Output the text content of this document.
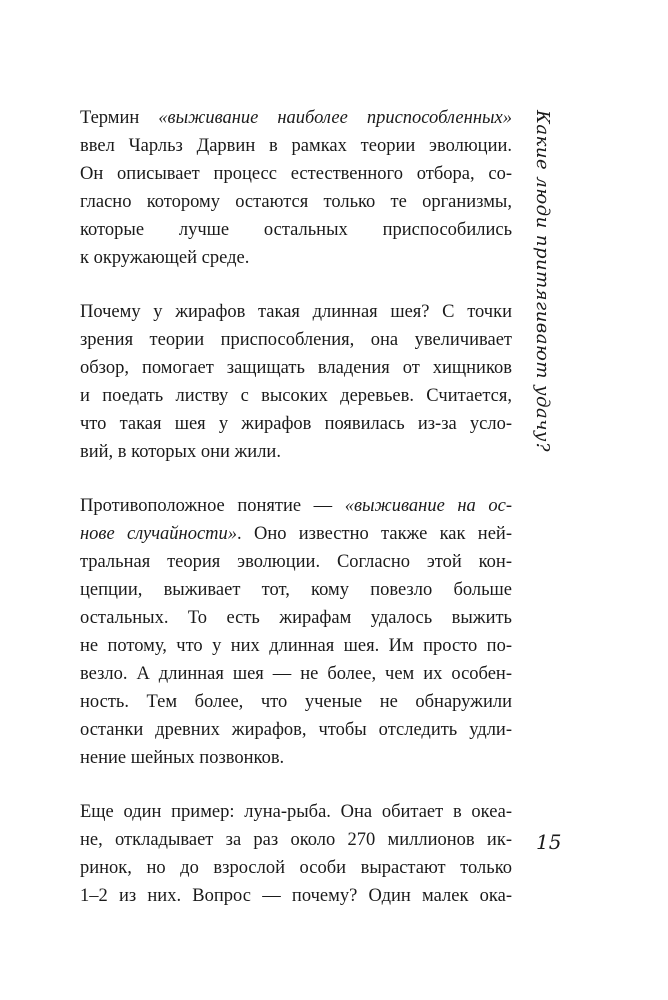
Термин «выживание наиболее приспособленных»
ввел Чарльз Дарвин в рамках теории эволюции.
Он описывает процесс естественного отбора, со-
гласно которому остаются только те организмы,
которые лучше остальных приспособились
к окружающей среде.

Почему у жирафов такая длинная шея? С точки
зрения теории приспособления, она увеличивает
обзор, помогает защищать владения от хищников
и поедать листву с высоких деревьев. Считается,
что такая шея у жирафов появилась из-за усло-
вий, в которых они жили.

Противоположное понятие — «выживание на ос-
нове случайности». Оно известно также как ней-
тральная теория эволюции. Согласно этой кон-
цепции, выживает тот, кому повезло больше
остальных. То есть жирафам удалось выжить
не потому, что у них длинная шея. Им просто по-
везло. А длинная шея — не более, чем их особен-
ность. Тем более, что ученые не обнаружили
останки древних жирафов, чтобы отследить удли-
нение шейных позвонков.

Еще один пример: луна-рыба. Она обитает в океа-
не, откладывает за раз около 270 миллионов ик-
ринок, но до взрослой особи вырастают только
1–2 из них. Вопрос — почему? Один малек ока-

Какие люди притягивают удачу?
15
